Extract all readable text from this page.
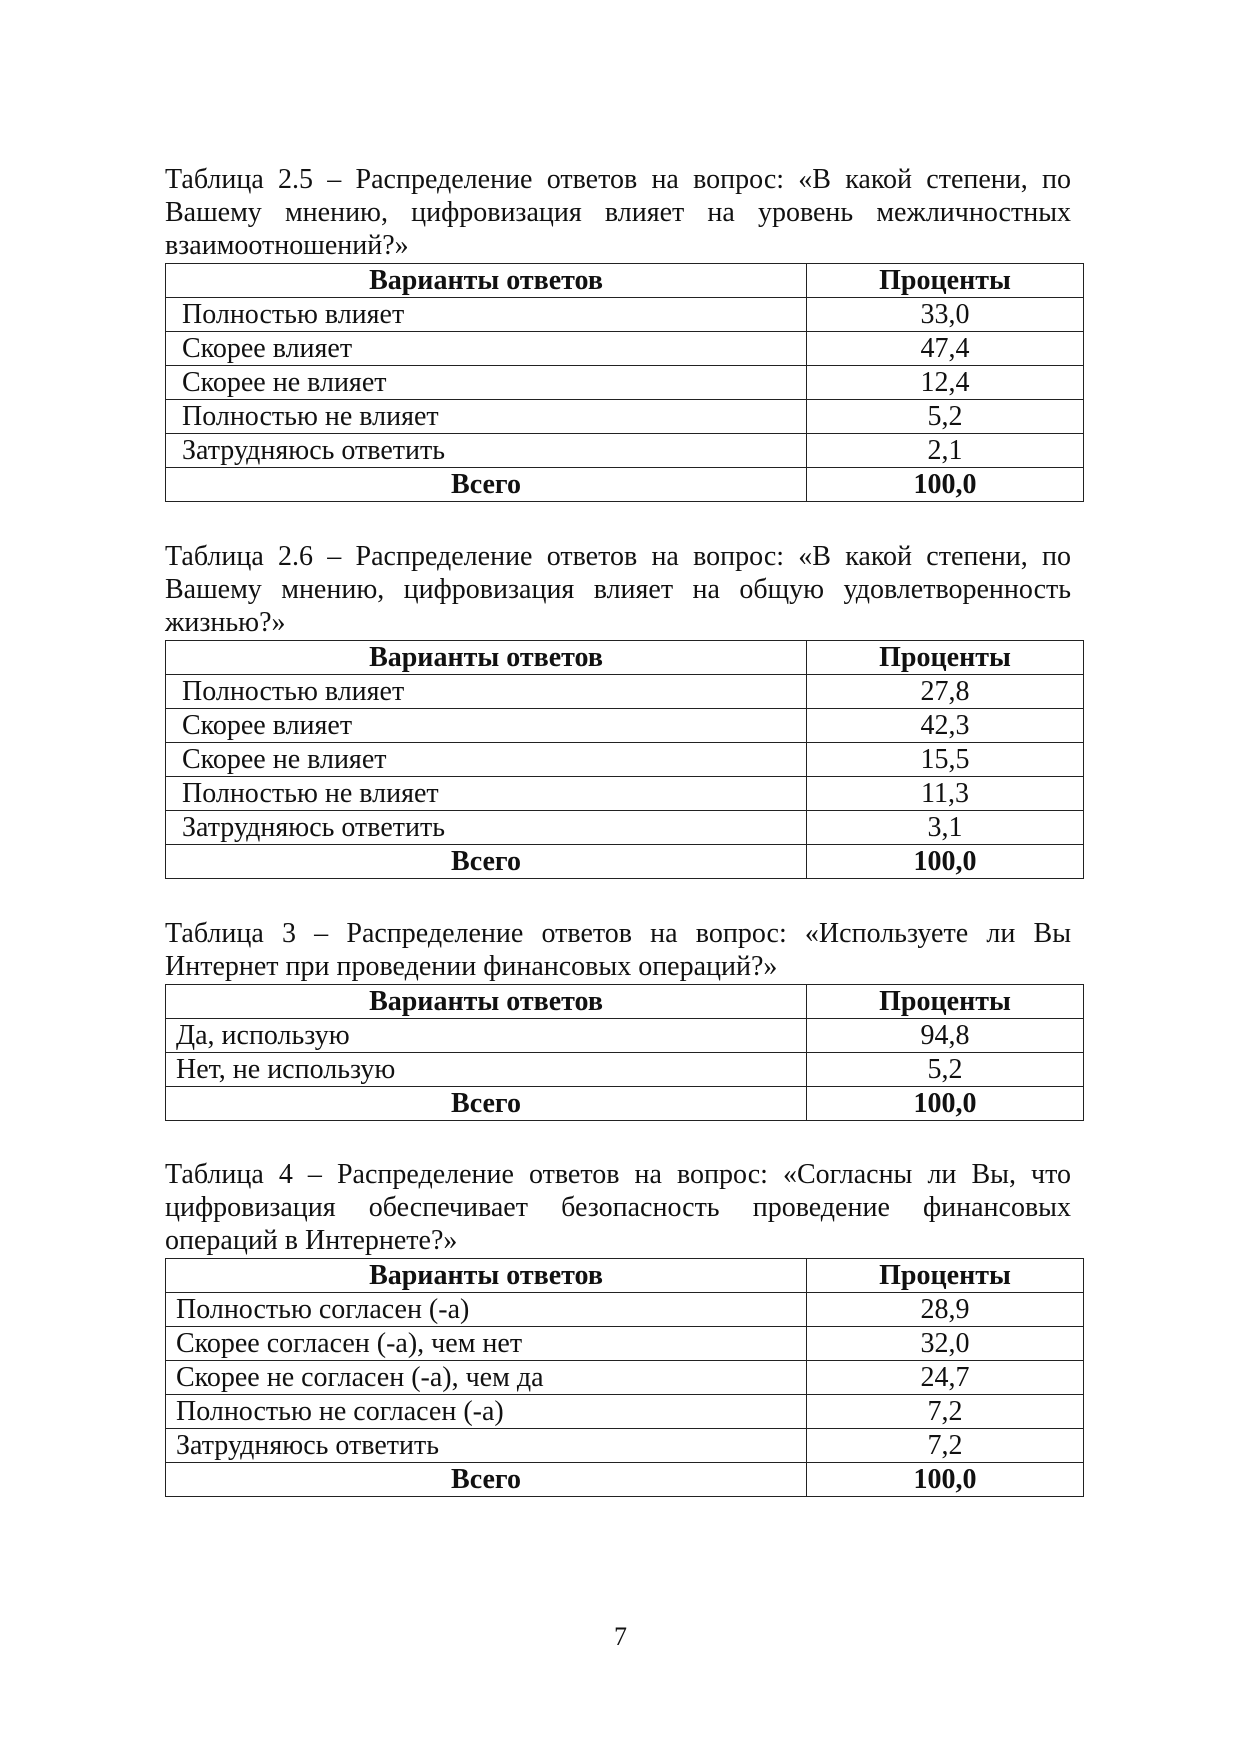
Таблица 2.5 – Распределение ответов на вопрос: «В какой степени, по Вашему мнению, цифровизация влияет на уровень межличностных взаимоотношений?»

Варианты ответов	Проценты
Полностью влияет	33,0
Скорее влияет	47,4
Скорее не влияет	12,4
Полностью не влияет	5,2
Затрудняюсь ответить	2,1
Всего	100,0

Таблица 2.6 – Распределение ответов на вопрос: «В какой степени, по Вашему мнению, цифровизация влияет на общую удовлетворенность жизнью?»

Варианты ответов	Проценты
Полностью влияет	27,8
Скорее влияет	42,3
Скорее не влияет	15,5
Полностью не влияет	11,3
Затрудняюсь ответить	3,1
Всего	100,0

Таблица 3 – Распределение ответов на вопрос: «Используете ли Вы Интернет при проведении финансовых операций?»

Варианты ответов	Проценты
Да, использую	94,8
Нет, не использую	5,2
Всего	100,0

Таблица 4 – Распределение ответов на вопрос: «Согласны ли Вы, что цифровизация обеспечивает безопасность проведение финансовых операций в Интернете?»

Варианты ответов	Проценты
Полностью согласен (-а)	28,9
Скорее согласен (-а), чем нет	32,0
Скорее не согласен (-а), чем да	24,7
Полностью не согласен (-а)	7,2
Затрудняюсь ответить	7,2
Всего	100,0
7
